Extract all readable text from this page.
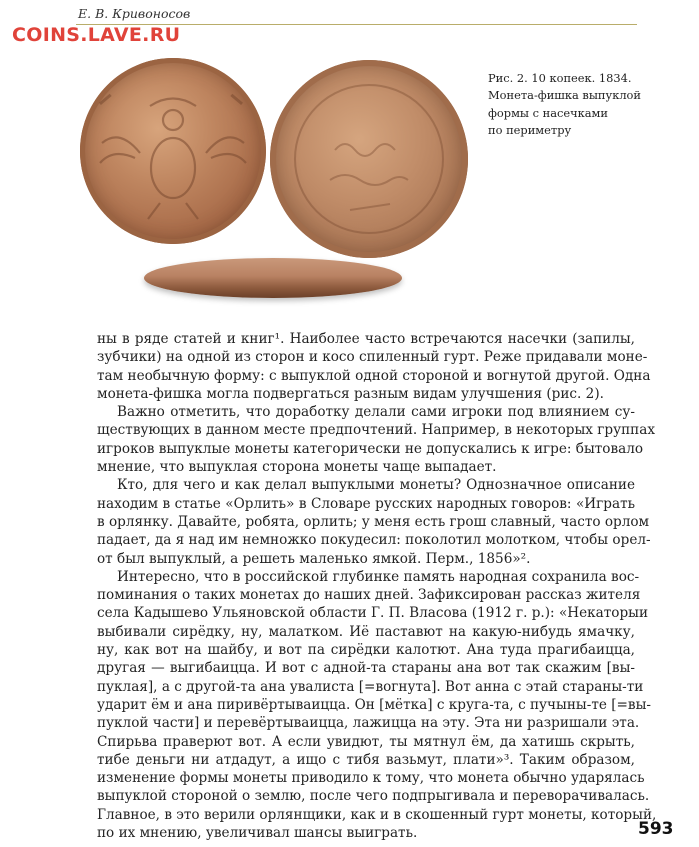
Е. В. Кривоносов
COINS.LAVE.RU
Рис. 2. 10 копеек. 1834.
Монета-фишка выпуклой
формы с насечками
по периметру
ны в ряде статей и книг¹. Наиболее часто встречаются насечки (запилы,
зубчики) на одной из сторон и косо спиленный гурт. Реже придавали моне-
там необычную форму: с выпуклой одной стороной и вогнутой другой. Одна
монета-фишка могла подвергаться разным видам улучшения (рис. 2).
Важно отметить, что доработку делали сами игроки под влиянием су-
ществующих в данном месте предпочтений. Например, в некоторых группах
игроков выпуклые монеты категорически не допускались к игре: бытовало
мнение, что выпуклая сторона монеты чаще выпадает.
Кто, для чего и как делал выпуклыми монеты? Однозначное описание
находим в статье «Орлить» в Словаре русских народных говоров: «Играть
в орлянку. Давайте, робята, орлить; у меня есть грош славный, часто орлом
падает, да я над им немножко покудесил: поколотил молотком, чтобы орел-
от был выпуклый, а решеть маленько ямкой. Перм., 1856»².
Интересно, что в российской глубинке память народная сохранила вос-
поминания о таких монетах до наших дней. Зафиксирован рассказ жителя
села Кадышево Ульяновской области Г. П. Власова (1912 г. р.): «Некаторыи
выбивали сирёдку, ну, малатком. Иё паставют на какую-нибудь ямачку,
ну, как вот на шайбу, и вот па сирёдки калотют. Ана туда прагибаицца,
другая — выгибаицца. И вот с адной-та стараны ана вот так скажим [вы-
пуклая], а с другой-та ана увалиста [=вогнута]. Вот анна с этай стараны-ти
ударит ём и ана пиривёртываицца. Он [мётка] с круга-та, с пучыны-те [=вы-
пуклой части] и перевёртываицца, лажицца на эту. Эта ни разришали эта.
Спирьва праверют вот. А если увидют, ты мятнул ём, да хатишь скрыть,
тибе деньги ни атдадут, а ищо с тибя вазьмут, плати»³. Таким образом,
изменение формы монеты приводило к тому, что монета обычно ударялась
выпуклой стороной о землю, после чего подпрыгивала и переворачивалась.
Главное, в это верили орлянщики, как и в скошенный гурт монеты, который,
по их мнению, увеличивал шансы выиграть.	593
